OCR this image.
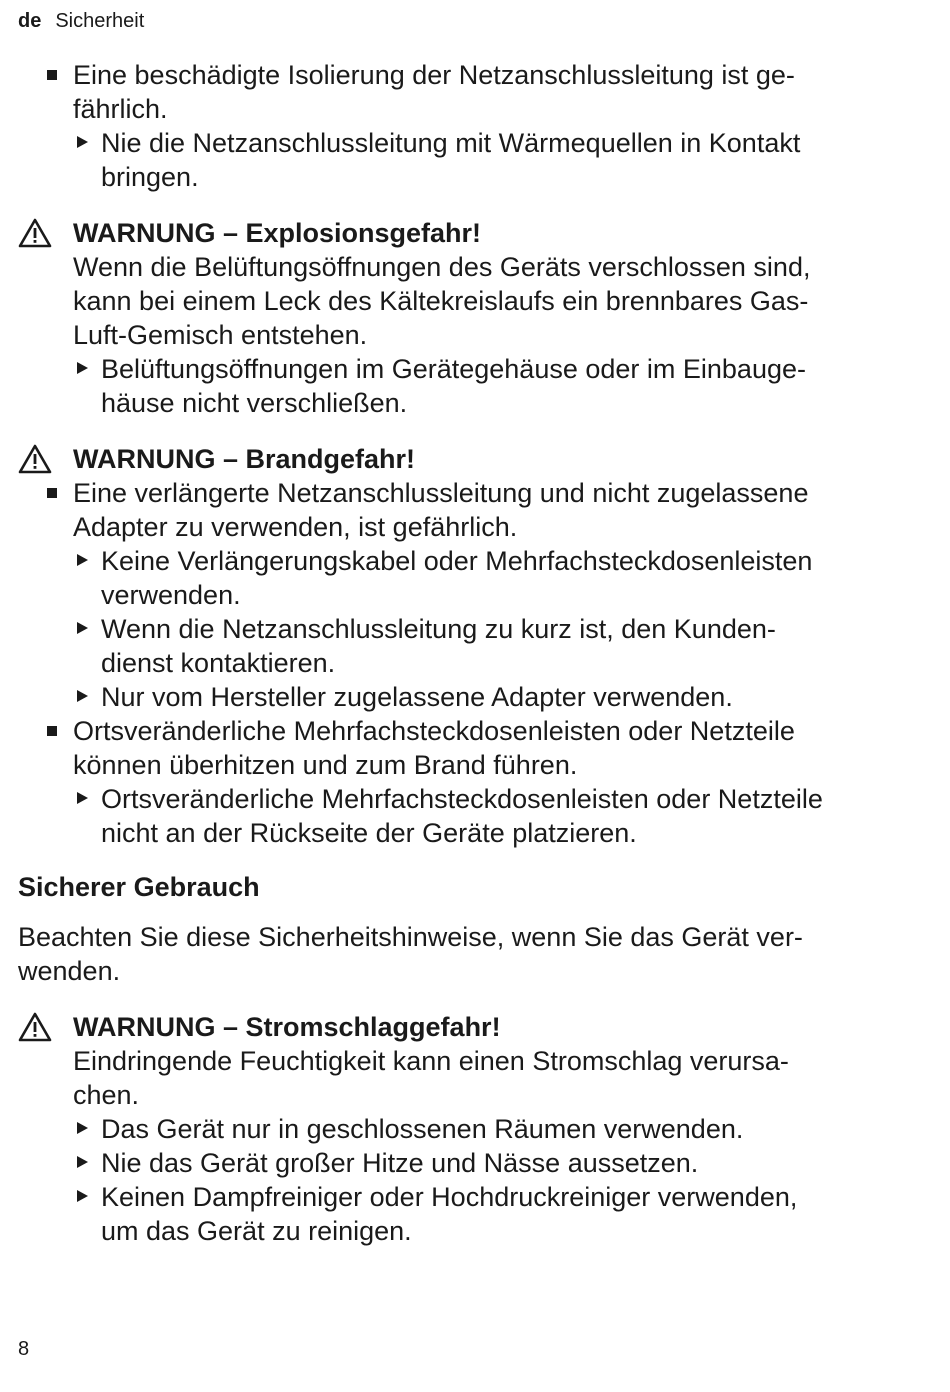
de Sicherheit
Eine beschädigte Isolierung der Netzanschlussleitung ist ge-
fährlich.
Nie die Netzanschlussleitung mit Wärmequellen in Kontakt
bringen.
WARNUNG – Explosionsgefahr!
Wenn die Belüftungsöffnungen des Geräts verschlossen sind,
kann bei einem Leck des Kältekreislaufs ein brennbares Gas-
Luft-Gemisch entstehen.
Belüftungsöffnungen im Gerätegehäuse oder im Einbauge-
häuse nicht verschließen.
WARNUNG – Brandgefahr!
Eine verlängerte Netzanschlussleitung und nicht zugelassene
Adapter zu verwenden, ist gefährlich.
Keine Verlängerungskabel oder Mehrfachsteckdosenleisten
verwenden.
Wenn die Netzanschlussleitung zu kurz ist, den Kunden-
dienst kontaktieren.
Nur vom Hersteller zugelassene Adapter verwenden.
Ortsveränderliche Mehrfachsteckdosenleisten oder Netzteile
können überhitzen und zum Brand führen.
Ortsveränderliche Mehrfachsteckdosenleisten oder Netzteile
nicht an der Rückseite der Geräte platzieren.
Sicherer Gebrauch
Beachten Sie diese Sicherheitshinweise, wenn Sie das Gerät ver-
wenden.
WARNUNG – Stromschlaggefahr!
Eindringende Feuchtigkeit kann einen Stromschlag verursa-
chen.
Das Gerät nur in geschlossenen Räumen verwenden.
Nie das Gerät großer Hitze und Nässe aussetzen.
Keinen Dampfreiniger oder Hochdruckreiniger verwenden,
um das Gerät zu reinigen.
8
